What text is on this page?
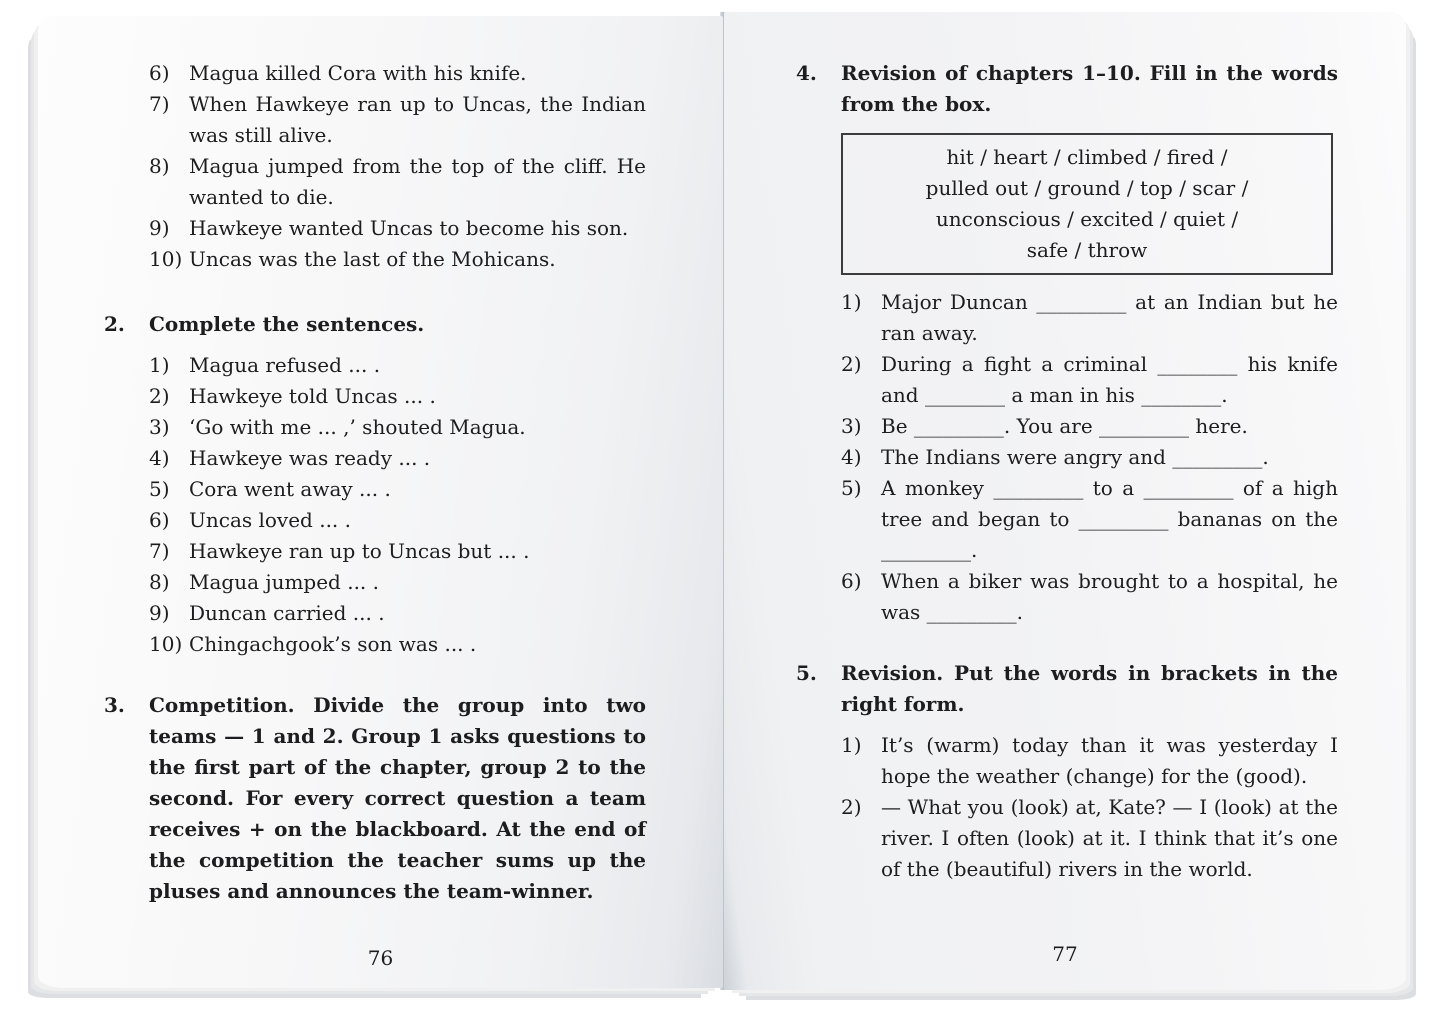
6) Magua killed Cora with his knife.
7) When Hawkeye ran up to Uncas, the Indian was still alive.
8) Magua jumped from the top of the cliff. He wanted to die.
9) Hawkeye wanted Uncas to become his son.
10) Uncas was the last of the Mohicans.
2.	Complete the sentences.
1) Magua refused ... .
2) Hawkeye told Uncas ... .
3) ‘Go with me ... ,’ shouted Magua.
4) Hawkeye was ready ... .
5) Cora went away ... .
6) Uncas loved ... .
7) Hawkeye ran up to Uncas but ... .
8) Magua jumped ... .
9) Duncan carried ... .
10) Chingachgook’s son was ... .
3.	Competition. Divide the group into two teams — 1 and 2. Group 1 asks questions to the first part of the chapter, group 2 to the second. For every correct question a team receives + on the blackboard. At the end of the competition the teacher sums up the pluses and announces the team-winner.
76
4.	Revision of chapters 1–10. Fill in the words from the box.
hit / heart / climbed / fired /
pulled out / ground / top / scar /
unconscious / excited / quiet /
safe / throw
1) Major Duncan _________ at an Indian but he ran away.
2) During a fight a criminal ________ his knife and ________ a man in his ________.
3) Be _________. You are _________ here.
4) The Indians were angry and _________.
5) A monkey _________ to a _________ of a high tree and began to _________ bananas on the _________.
6) When a biker was brought to a hospital, he was _________.
5.	Revision. Put the words in brackets in the right form.
1) It’s (warm) today than it was yesterday I hope the weather (change) for the (good).
2) — What you (look) at, Kate? — I (look) at the river. I often (look) at it. I think that it’s one of the (beautiful) rivers in the world.
77
